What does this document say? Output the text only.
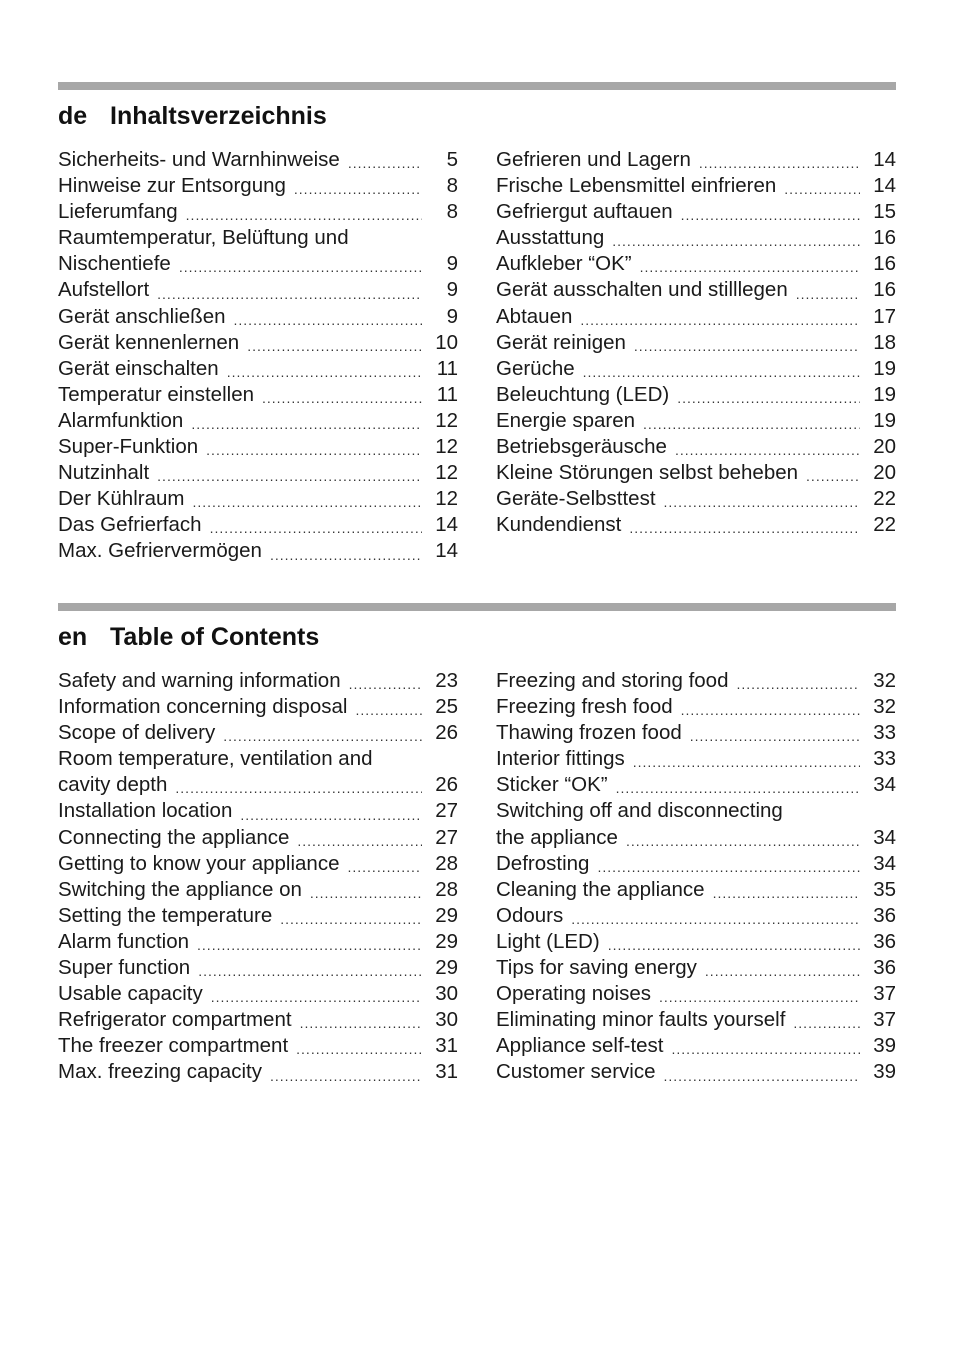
de Inhaltsverzeichnis
Sicherheits- und Warnhinweise .....	5
Hinweise zur Entsorgung .....	8
Lieferumfang .....	8
Raumtemperatur, Belüftung und
Nischentiefe .....	9
Aufstellort .....	9
Gerät anschließen .....	9
Gerät kennenlernen .....	10
Gerät einschalten .....	11
Temperatur einstellen .....	11
Alarmfunktion .....	12
Super-Funktion .....	12
Nutzinhalt .....	12
Der Kühlraum .....	12
Das Gefrierfach .....	14
Max. Gefriervermögen .....	14
Gefrieren und Lagern .....	14
Frische Lebensmittel einfrieren .....	14
Gefriergut auftauen .....	15
Ausstattung .....	16
Aufkleber “OK” .....	16
Gerät ausschalten und stilllegen .....	16
Abtauen .....	17
Gerät reinigen .....	18
Gerüche .....	19
Beleuchtung (LED) .....	19
Energie sparen .....	19
Betriebsgeräusche .....	20
Kleine Störungen selbst beheben .....	20
Geräte-Selbsttest .....	22
Kundendienst .....	22
en Table of Contents
Safety and warning information .....	23
Information concerning disposal .....	25
Scope of delivery .....	26
Room temperature, ventilation and
cavity depth .....	26
Installation location .....	27
Connecting the appliance .....	27
Getting to know your appliance .....	28
Switching the appliance on .....	28
Setting the temperature .....	29
Alarm function .....	29
Super function .....	29
Usable capacity .....	30
Refrigerator compartment .....	30
The freezer compartment .....	31
Max. freezing capacity .....	31
Freezing and storing food .....	32
Freezing fresh food .....	32
Thawing frozen food .....	33
Interior fittings .....	33
Sticker “OK” .....	34
Switching off and disconnecting
the appliance .....	34
Defrosting .....	34
Cleaning the appliance .....	35
Odours .....	36
Light (LED) .....	36
Tips for saving energy .....	36
Operating noises .....	37
Eliminating minor faults yourself .....	37
Appliance self-test .....	39
Customer service .....	39
